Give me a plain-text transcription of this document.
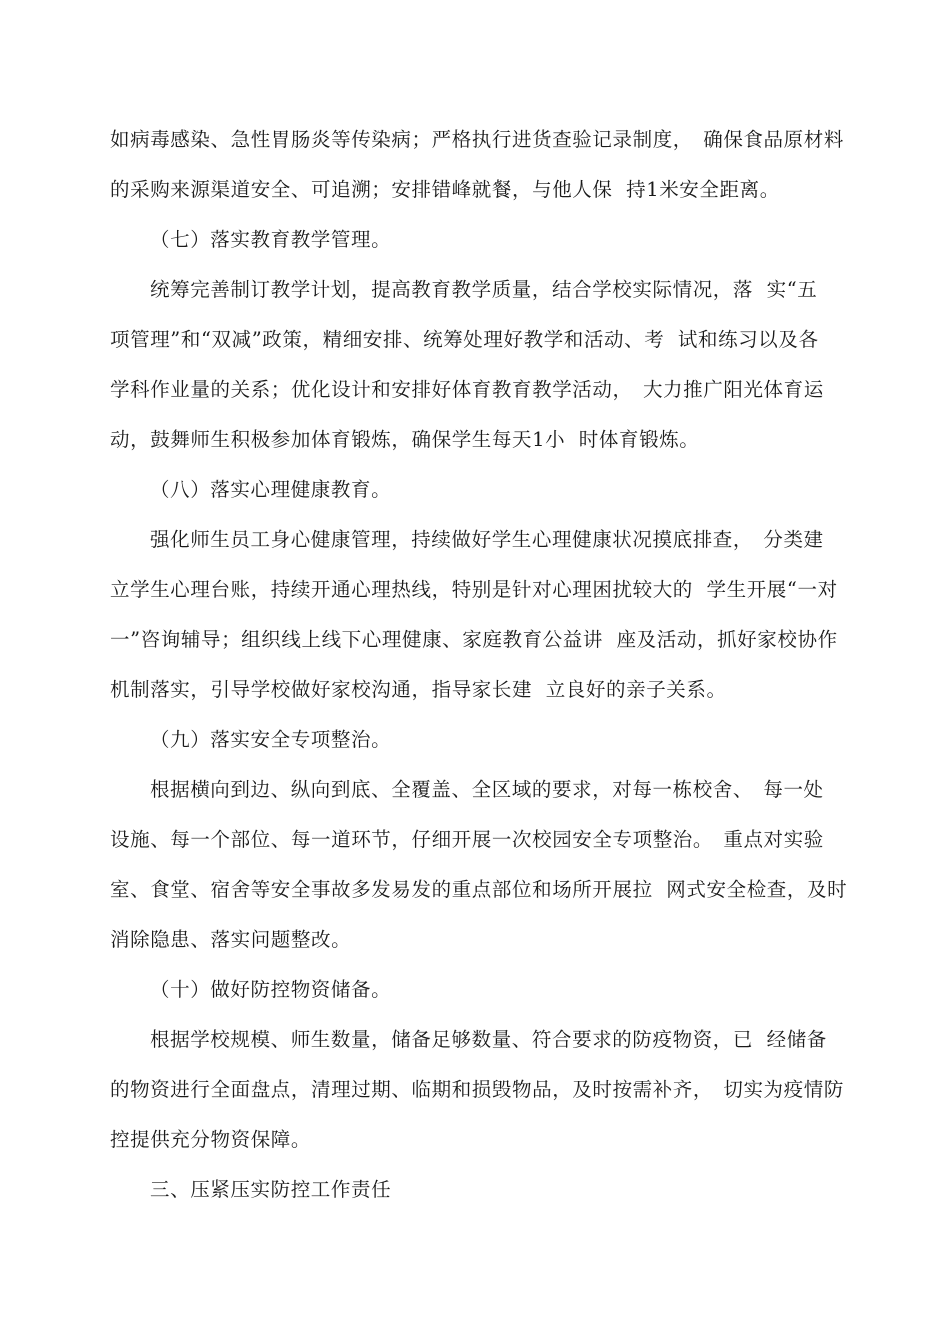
如病毒感染、急性胃肠炎等传染病；严格执行进货查验记录制度，　确保食品原材料
的采购来源渠道安全、可追溯；安排错峰就餐，与他人保  持1米安全距离。
（七）落实教育教学管理。
统筹完善制订教学计划，提高教育教学质量，结合学校实际情况，落  实“五
项管理”和“双减”政策，精细安排、统筹处理好教学和活动、考  试和练习以及各
学科作业量的关系；优化设计和安排好体育教育教学活动，　大力推广阳光体育运
动，鼓舞师生积极参加体育锻炼，确保学生每天1小  时体育锻炼。
（八）落实心理健康教育。
强化师生员工身心健康管理，持续做好学生心理健康状况摸底排查，　分类建
立学生心理台账，持续开通心理热线，特别是针对心理困扰较大的  学生开展“一对
一”咨询辅导；组织线上线下心理健康、家庭教育公益讲  座及活动，抓好家校协作
机制落实，引导学校做好家校沟通，指导家长建  立良好的亲子关系。
（九）落实安全专项整治。
根据横向到边、纵向到底、全覆盖、全区域的要求，对每一栋校舍、　每一处
设施、每一个部位、每一道环节，仔细开展一次校园安全专项整治。　重点对实验
室、食堂、宿舍等安全事故多发易发的重点部位和场所开展拉  网式安全检查，及时
消除隐患、落实问题整改。
（十）做好防控物资储备。
根据学校规模、师生数量，储备足够数量、符合要求的防疫物资，已  经储备
的物资进行全面盘点，清理过期、临期和损毁物品，及时按需补齐，　切实为疫情防
控提供充分物资保障。
三、压紧压实防控工作责任
